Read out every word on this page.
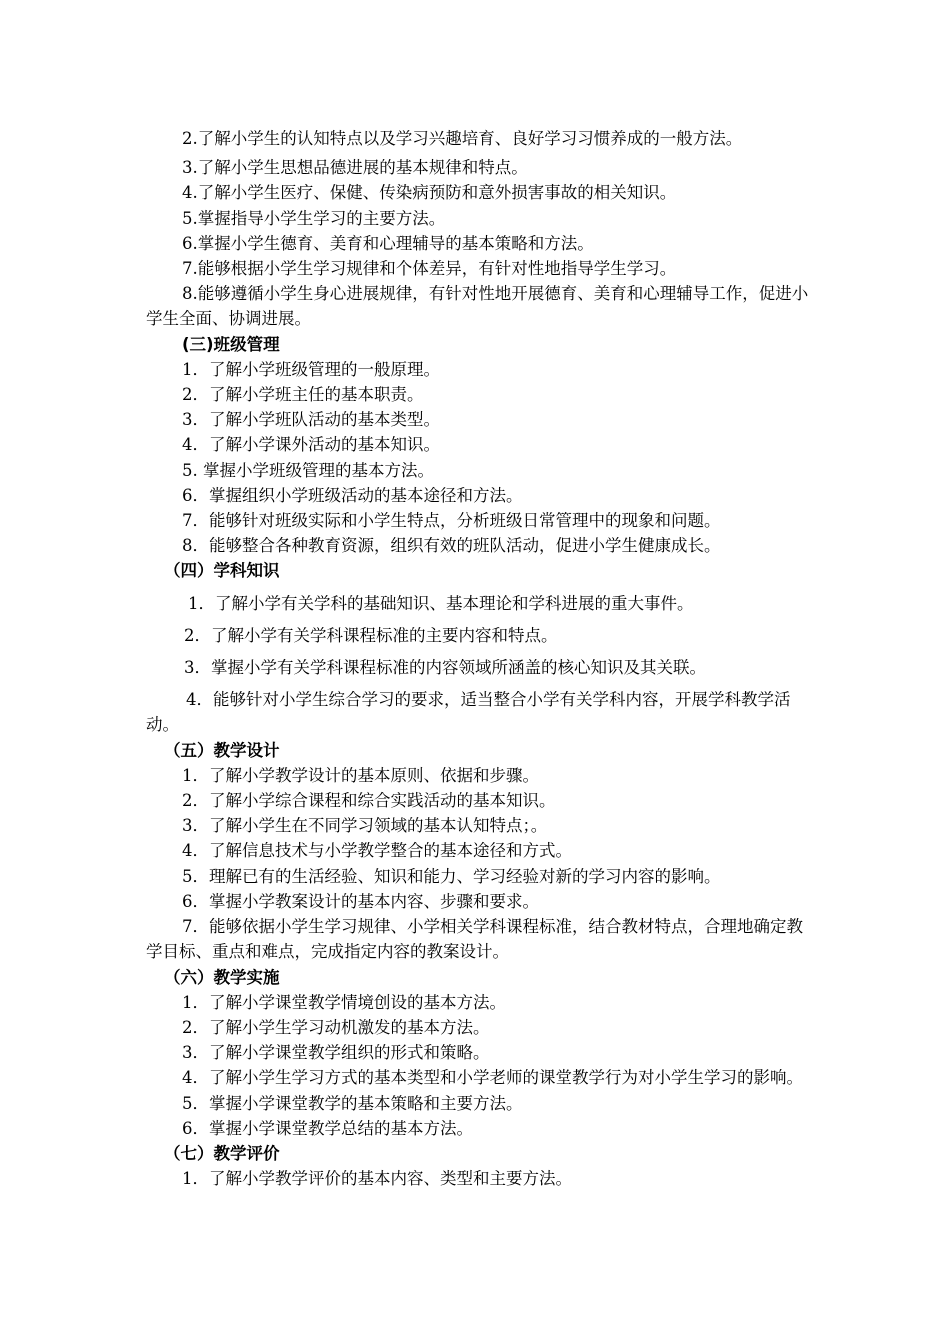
2.了解小学生的认知特点以及学习兴趣培育、良好学习习惯养成的一般方法。
3.了解小学生思想品德进展的基本规律和特点。
4.了解小学生医疗、保健、传染病预防和意外损害事故的相关知识。
5.掌握指导小学生学习的主要方法。
6.掌握小学生德育、美育和心理辅导的基本策略和方法。
7.能够根据小学生学习规律和个体差异，有针对性地指导学生学习。
8.能够遵循小学生身心进展规律，有针对性地开展德育、美育和心理辅导工作，促进小学生全面、协调进展。
(三)班级管理
1．了解小学班级管理的一般原理。
2．了解小学班主任的基本职责。
3．了解小学班队活动的基本类型。
4．了解小学课外活动的基本知识。
5. 掌握小学班级管理的基本方法。
6．掌握组织小学班级活动的基本途径和方法。
7．能够针对班级实际和小学生特点，分析班级日常管理中的现象和问题。
8．能够整合各种教育资源，组织有效的班队活动，促进小学生健康成长。
（四）学科知识
1．了解小学有关学科的基础知识、基本理论和学科进展的重大事件。
2．了解小学有关学科课程标准的主要内容和特点。
3．掌握小学有关学科课程标准的内容领域所涵盖的核心知识及其关联。
4．能够针对小学生综合学习的要求，适当整合小学有关学科内容，开展学科教学活动。
（五）教学设计
1．了解小学教学设计的基本原则、依据和步骤。
2．了解小学综合课程和综合实践活动的基本知识。
3．了解小学生在不同学习领域的基本认知特点；。
4．了解信息技术与小学教学整合的基本途径和方式。
5．理解已有的生活经验、知识和能力、学习经验对新的学习内容的影响。
6．掌握小学教案设计的基本内容、步骤和要求。
7．能够依据小学生学习规律、小学相关学科课程标准，结合教材特点，合理地确定教学目标、重点和难点，完成指定内容的教案设计。
（六）教学实施
1．了解小学课堂教学情境创设的基本方法。
2．了解小学生学习动机激发的基本方法。
3．了解小学课堂教学组织的形式和策略。
4．了解小学生学习方式的基本类型和小学老师的课堂教学行为对小学生学习的影响。
5．掌握小学课堂教学的基本策略和主要方法。
6．掌握小学课堂教学总结的基本方法。
（七）教学评价
1．了解小学教学评价的基本内容、类型和主要方法。
